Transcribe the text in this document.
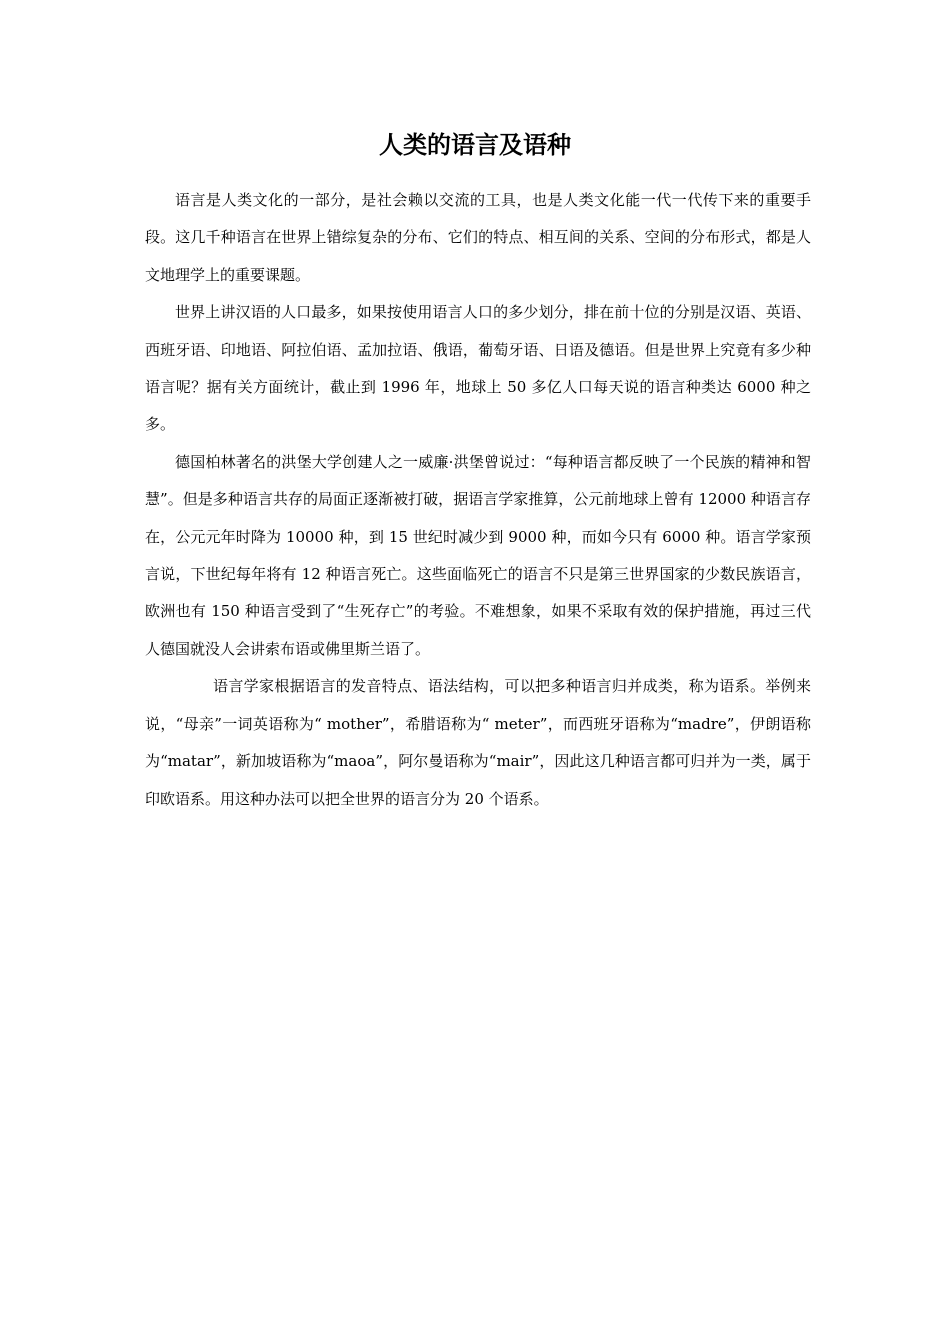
人类的语言及语种

语言是人类文化的一部分，是社会赖以交流的工具，也是人类文化能一代一代传下来的重要手段。这几千种语言在世界上错综复杂的分布、它们的特点、相互间的关系、空间的分布形式，都是人文地理学上的重要课题。

世界上讲汉语的人口最多，如果按使用语言人口的多少划分，排在前十位的分别是汉语、英语、西班牙语、印地语、阿拉伯语、孟加拉语、俄语，葡萄牙语、日语及德语。但是世界上究竟有多少种语言呢？据有关方面统计，截止到 1996 年，地球上 50 多亿人口每天说的语言种类达 6000 种之多。

德国柏林著名的洪堡大学创建人之一威廉·洪堡曾说过：“每种语言都反映了一个民族的精神和智慧”。但是多种语言共存的局面正逐渐被打破，据语言学家推算，公元前地球上曾有 12000 种语言存在，公元元年时降为 10000 种，到 15 世纪时减少到 9000 种，而如今只有 6000 种。语言学家预言说，下世纪每年将有 12 种语言死亡。这些面临死亡的语言不只是第三世界国家的少数民族语言，欧洲也有 150 种语言受到了“生死存亡”的考验。不难想象，如果不采取有效的保护措施，再过三代人德国就没人会讲索布语或佛里斯兰语了。

语言学家根据语言的发音特点、语法结构，可以把多种语言归并成类，称为语系。举例来说，“母亲”一词英语称为“ mother”，希腊语称为“ meter”，而西班牙语称为“madre”，伊朗语称为“matar”，新加坡语称为“maoa”，阿尔曼语称为“mair”，因此这几种语言都可归并为一类，属于印欧语系。用这种办法可以把全世界的语言分为 20 个语系。
